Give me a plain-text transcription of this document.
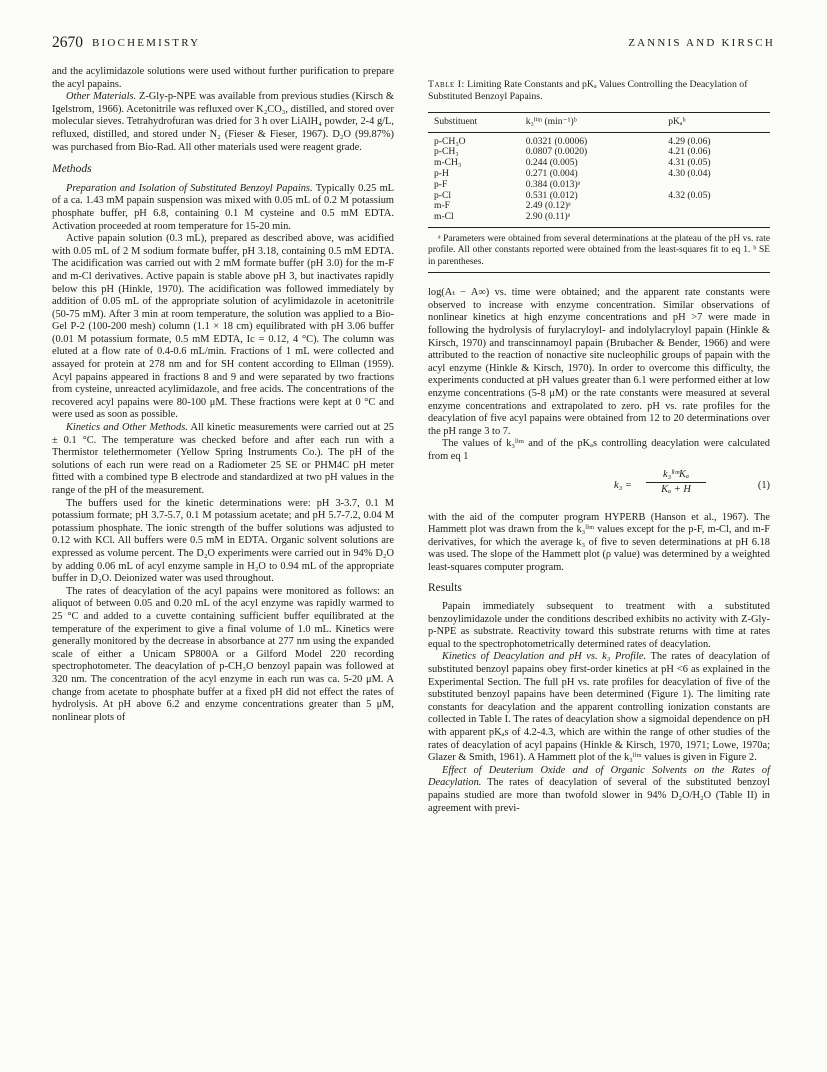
2670 BIOCHEMISTRY	ZANNIS AND KIRSCH

and the acylimidazole solutions were used without further purification to prepare the acyl papains.

Other Materials. Z-Gly-p-NPE was available from previous studies (Kirsch & Igelstrom, 1966). Acetonitrile was refluxed over K₂CO₃, distilled, and stored over molecular sieves. Tetrahydrofuran was dried for 3 h over LiAlH₄ powder, 2-4 g/L, refluxed, distilled, and stored under N₂ (Fieser & Fieser, 1967). D₂O (99.87%) was purchased from Bio-Rad. All other materials used were reagent grade.

Methods

Preparation and Isolation of Substituted Benzoyl Papains. Typically 0.25 mL of a ca. 1.43 mM papain suspension was mixed with 0.05 mL of 0.2 M potassium phosphate buffer, pH 6.8, containing 0.1 M cysteine and 0.5 mM EDTA. Activation proceeded at room temperature for 15-20 min.

Active papain solution (0.3 mL), prepared as described above, was acidified with 0.05 mL of 2 M sodium formate buffer, pH 3.18, containing 0.5 mM EDTA. The acidification was carried out with 2 mM formate buffer (pH 3.0) for the m-F and m-Cl derivatives. Active papain is stable above pH 3, but inactivates rapidly below this pH (Hinkle, 1970). The acidification was followed immediately by addition of 0.05 mL of the appropriate solution of acylimidazole in acetonitrile (50-75 mM). After 3 min at room temperature, the solution was applied to a Bio-Gel P-2 (100-200 mesh) column (1.1 × 18 cm) equilibrated with pH 3.06 buffer (0.01 M potassium formate, 0.5 mM EDTA, Iс = 0.12, 4 °C). The column was eluted at a flow rate of 0.4-0.6 mL/min. Fractions of 1 mL were collected and assayed for protein at 278 nm and for SH content according to Ellman (1959). Acyl papains appeared in fractions 8 and 9 and were separated by two fractions from cysteine, unreacted acylimidazole, and free acids. The concentrations of the recovered acyl papains were 80-100 μM. These fractions were kept at 0 °C and were used as soon as possible.

Kinetics and Other Methods. All kinetic measurements were carried out at 25 ± 0.1 °C. The temperature was checked before and after each run with a Thermistor telethermometer (Yellow Spring Instruments Co.). The pH of the solutions of each run were read on a Radiometer 25 SE or PHM4C pH meter fitted with a combined type B electrode and standardized at two pH values in the range of the pH of the measurement.

The buffers used for the kinetic determinations were: pH 3-3.7, 0.1 M potassium formate; pH 3.7-5.7, 0.1 M potassium acetate; and pH 5.7-7.2, 0.04 M potassium phosphate. The ionic strength of the buffer solutions was adjusted to 0.12 with KCl. All buffers were 0.5 mM in EDTA. Organic solvent solutions are expressed as volume percent. The D₂O experiments were carried out in 94% D₂O by adding 0.06 mL of acyl enzyme sample in H₂O to 0.94 mL of the appropriate buffer in D₂O. Deionized water was used throughout.

The rates of deacylation of the acyl papains were monitored as follows: an aliquot of between 0.05 and 0.20 mL of the acyl enzyme was rapidly warmed to 25 °C and added to a cuvette containing sufficient buffer equilibrated at the temperature of the experiment to give a final volume of 1.0 mL. Kinetics were generally monitored by the decrease in absorbance at 277 nm using the expanded scale of either a Unicam SP800A or a Gilford Model 220 recording spectrophotometer. The deacylation of p-CH₃O benzoyl papain was followed at 320 nm. The concentration of the acyl enzyme in each run was ca. 5-20 μM. A change from acetate to phosphate buffer at a fixed pH did not effect the rates of hydrolysis. At pH above 6.2 and enzyme concentrations greater than 5 μM, nonlinear plots of

Table I: Limiting Rate Constants and pKₐ Values Controlling the Deacylation of Substituted Benzoyl Papains.
Substituent	k₃ˡⁱᵐ (min⁻¹)ᵇ	pKₐᵇ
p-CH₃O	0.0321 (0.0006)	4.29 (0.06)
p-CH₃	0.0807 (0.0020)	4.21 (0.06)
m-CH₃	0.244 (0.005)	4.31 (0.05)
p-H	0.271 (0.004)	4.30 (0.04)
p-F	0.384 (0.013)ᵃ	
p-Cl	0.531 (0.012)	4.32 (0.05)
m-F	2.49 (0.12)ᵃ	
m-Cl	2.90 (0.11)ᵃ	

ᵃ Parameters were obtained from several determinations at the plateau of the pH vs. rate profile. All other constants reported were obtained from the least-squares fit to eq 1. ᵇ SE in parentheses.

log(Aₜ − A∞) vs. time were obtained; and the apparent rate constants were observed to increase with enzyme concentration. Similar observations of nonlinear kinetics at high enzyme concentrations and pH >7 were made in following the hydrolysis of furylacryloyl- and indolylacryloyl papain (Hinkle & Kirsch, 1970) and transcinnamoyl papain (Brubacher & Bender, 1966) and were attributed to the reaction of nonactive site nucleophilic groups of papain with the acyl enzyme (Hinkle & Kirsch, 1970). In order to overcome this difficulty, the experiments conducted at pH values greater than 6.1 were performed either at low enzyme concentrations (5-8 μM) or the rate constants were measured at several enzyme concentrations and extrapolated to zero. pH vs. rate profiles for the deacylation of five acyl papains were obtained from 12 to 20 determinations over the pH range 3 to 7.

The values of k₃ˡⁱᵐ and of the pKₐs controlling deacylation were calculated from eq 1

k₃ =
k₃ˡⁱᵐKₐ
Kₐ + H	(1)

with the aid of the computer program HYPERB (Hanson et al., 1967). The Hammett plot was drawn from the k₃ˡⁱᵐ values except for the p-F, m-Cl, and m-F derivatives, for which the average k₃ of five to seven determinations at pH 6.18 was used. The slope of the Hammett plot (ρ value) was determined by a weighted least-squares computer program.

Results

Papain immediately subsequent to treatment with a substituted benzoylimidazole under the conditions described exhibits no activity with Z-Gly-p-NPE as substrate. Reactivity toward this substrate returns with time at rates equal to the spectrophotometrically determined rates of deacylation.

Kinetics of Deacylation and pH vs. k₃ Profile. The rates of deacylation of substituted benzoyl papains obey first-order kinetics at pH <6 as explained in the Experimental Section. The full pH vs. rate profiles for deacylation of five of the substituted benzoyl papains have been determined (Figure 1). The limiting rate constants for deacylation and the apparent controlling ionization constants are collected in Table I. The rates of deacylation show a sigmoidal dependence on pH with apparent pKₐs of 4.2-4.3, which are within the range of other studies of the rates of deacylation of acyl papains (Hinkle & Kirsch, 1970, 1971; Lowe, 1970a; Glazer & Smith, 1961). A Hammett plot of the k₃ˡⁱᵐ values is given in Figure 2.

Effect of Deuterium Oxide and of Organic Solvents on the Rates of Deacylation. The rates of deacylation of several of the substituted benzoyl papains studied are more than twofold slower in 94% D₂O/H₂O (Table II) in agreement with previ-
